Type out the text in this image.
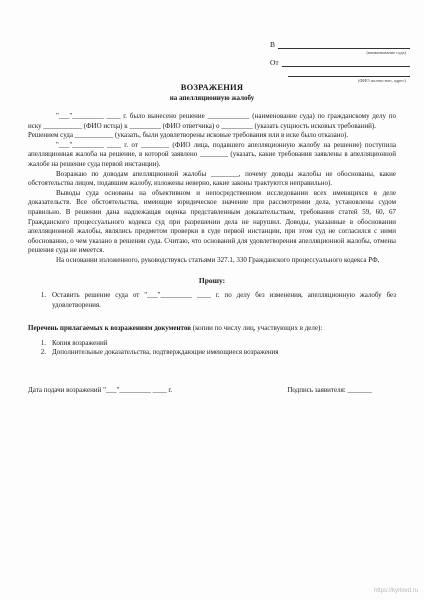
В
(наименование суда)
От
(ФИО полностью, адрес)
ВОЗРАЖЕНИЯ
на апелляционную жалобу

"___"_________ ____ г. было вынесено решение ____________ (наименование суда) по гражданскому делу по иску ___________ (ФИО истца) к _________ (ФИО ответчика) о _________ (указать сущность исковых требований).

Решением суда ___________ (указать, были удовлетворены исковые требования или в иске было отказано).

"___"_________ ____ г. от ________ (ФИО лица, подавшего апелляционную жалобу на решение) поступила апелляционная жалоба на решение, в которой заявлено ________ (указать, какие требования заявлены в апелляционной жалобе на решение суда первой инстанции).

Возражаю по доводам апелляционной жалобы ________, почему доводы жалобы не обоснованы, какие обстоятельства лицом, подавшим жалобу, изложены неверно, какие законы трактуются неправильно).

Выводы суда основаны на объективном и непосредственном исследовании всех имеющихся в деле доказательств. Все обстоятельства, имеющие юридическое значение при рассмотрении дела, установлены судом правильно. В решении дана надлежащая оценка представленным доказательствам, требования статей 59, 60, 67 Гражданского процессуального кодекса суд при разрешении дела не нарушил. Доводы, указанные в обосновании апелляционной жалобы, являлись предметом проверки в суде первой инстанции, при этом суд не согласился с ними обоснованно, о чем указано в решении суда. Считаю, что оснований для удовлетворения апелляционной жалобы, отмены решения суда не имеется.

На основании изложенного, руководствуясь статьями 327.1, 330 Гражданского процессуального кодекса РФ,

Прошу:
1. Оставить решение суда от "___"_________ ____ г. по делу без изменения, апелляционную жалобу без удовлетворения.
Перечень прилагаемых к возражениям документов (копии по числу лиц, участвующих в деле):
1. Копия возражений
2. Дополнительные доказательства, подтверждающие имеющиеся возражения
Дата подачи возражений "___"_________ ____ г.	Подпись заявителя: _______
https://kyrlovd.ru
